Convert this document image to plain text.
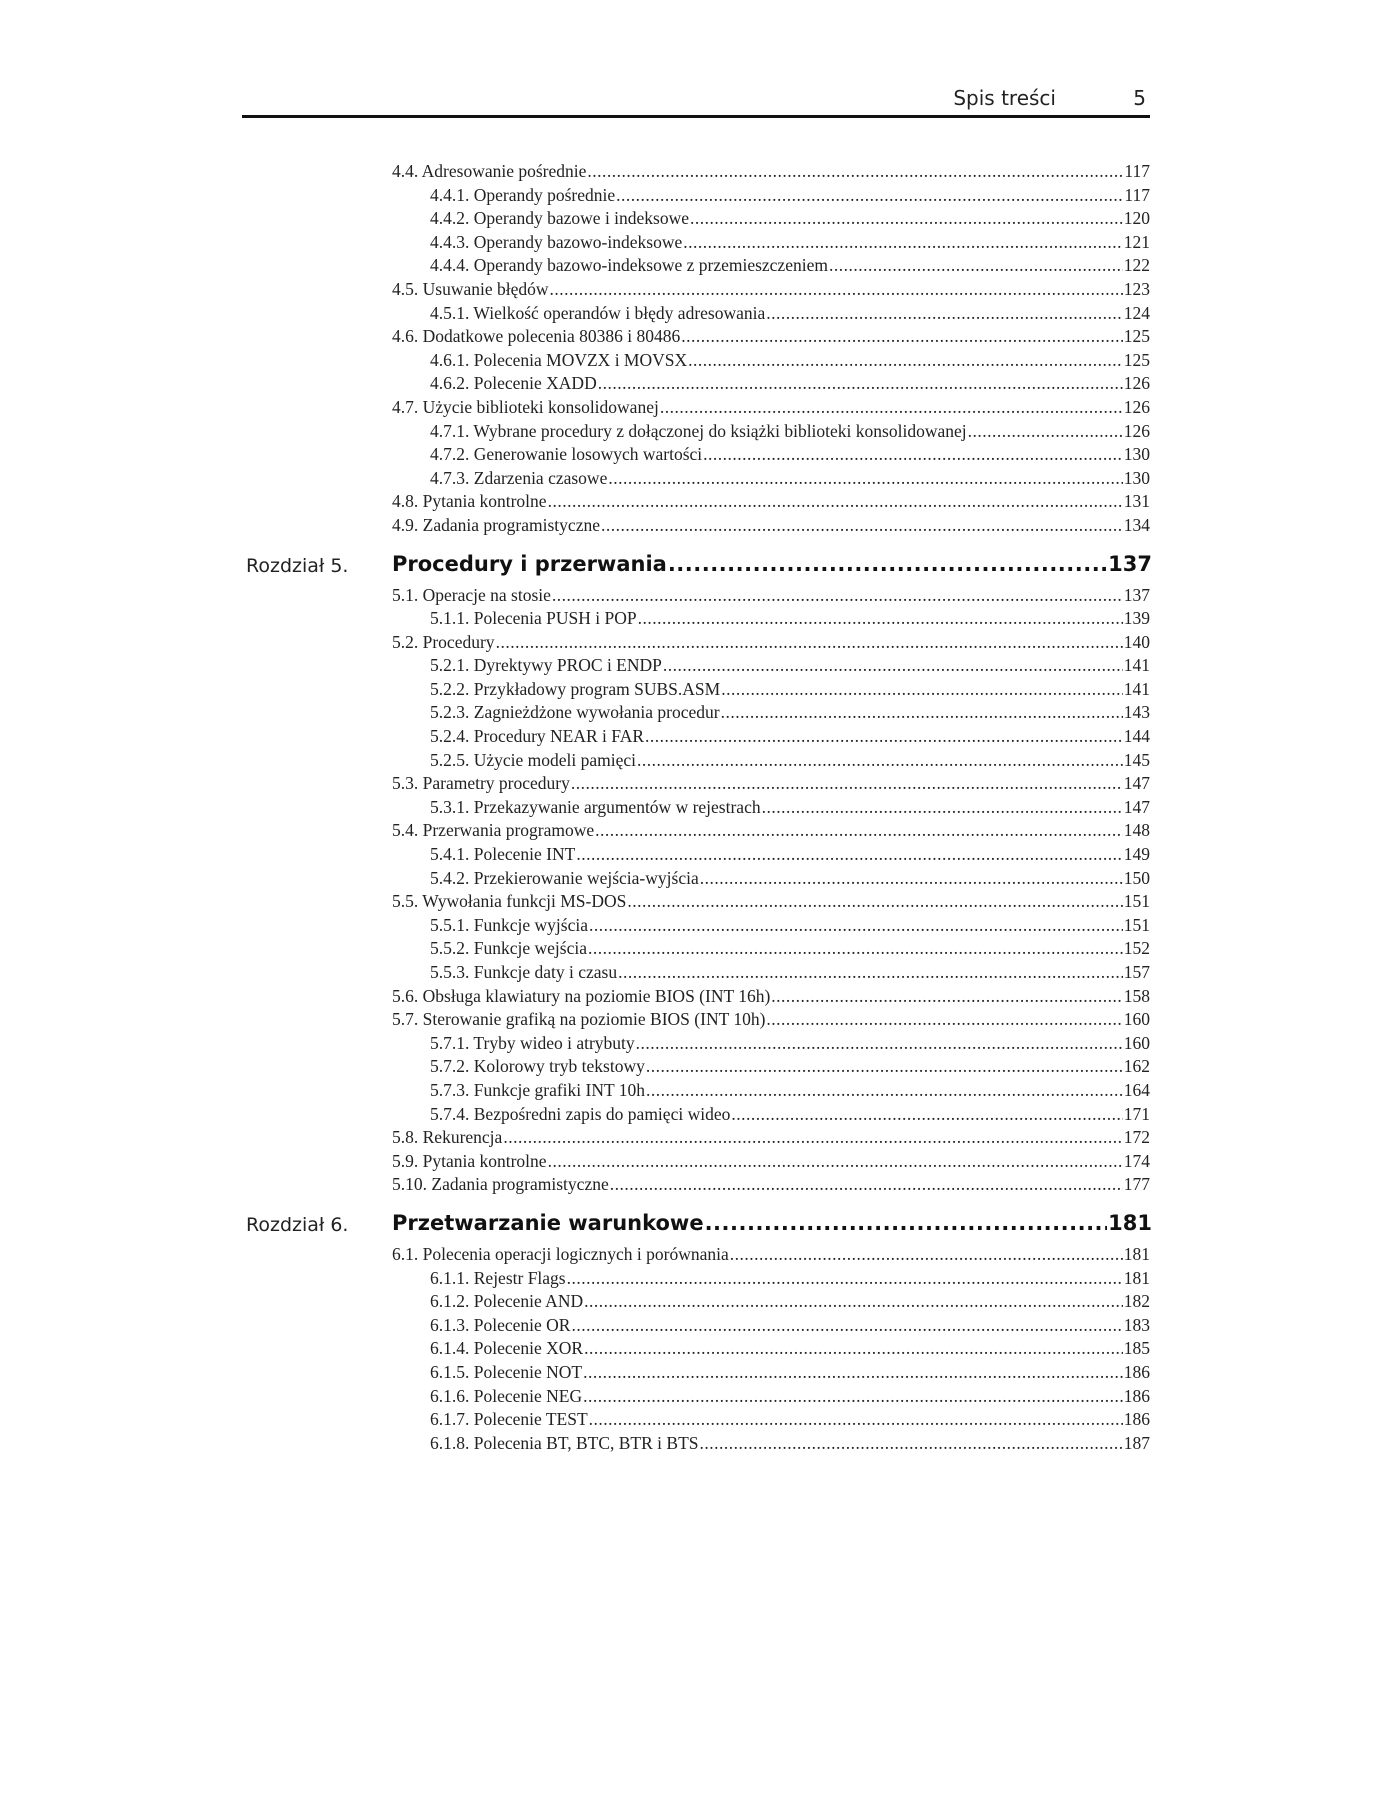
Spis treści	5
4.4. Adresowanie pośrednie .....	117
4.4.1. Operandy pośrednie .....	117
4.4.2. Operandy bazowe i indeksowe .....	120
4.4.3. Operandy bazowo-indeksowe .....	121
4.4.4. Operandy bazowo-indeksowe z przemieszczeniem .....	122
4.5. Usuwanie błędów .....	123
4.5.1. Wielkość operandów i błędy adresowania .....	124
4.6. Dodatkowe polecenia 80386 i 80486 .....	125
4.6.1. Polecenia MOVZX i MOVSX .....	125
4.6.2. Polecenie XADD .....	126
4.7. Użycie biblioteki konsolidowanej .....	126
4.7.1. Wybrane procedury z dołączonej do książki biblioteki konsolidowanej .....	126
4.7.2. Generowanie losowych wartości .....	130
4.7.3. Zdarzenia czasowe .....	130
4.8. Pytania kontrolne .....	131
4.9. Zadania programistyczne .....	134
Rozdział 5. Procedury i przerwania .....	137
5.1. Operacje na stosie .....	137
5.1.1. Polecenia PUSH i POP .....	139
5.2. Procedury .....	140
5.2.1. Dyrektywy PROC i ENDP .....	141
5.2.2. Przykładowy program SUBS.ASM .....	141
5.2.3. Zagnieżdżone wywołania procedur .....	143
5.2.4. Procedury NEAR i FAR .....	144
5.2.5. Użycie modeli pamięci .....	145
5.3. Parametry procedury .....	147
5.3.1. Przekazywanie argumentów w rejestrach .....	147
5.4. Przerwania programowe .....	148
5.4.1. Polecenie INT .....	149
5.4.2. Przekierowanie wejścia-wyjścia .....	150
5.5. Wywołania funkcji MS-DOS .....	151
5.5.1. Funkcje wyjścia .....	151
5.5.2. Funkcje wejścia .....	152
5.5.3. Funkcje daty i czasu .....	157
5.6. Obsługa klawiatury na poziomie BIOS (INT 16h) .....	158
5.7. Sterowanie grafiką na poziomie BIOS (INT 10h) .....	160
5.7.1. Tryby wideo i atrybuty .....	160
5.7.2. Kolorowy tryb tekstowy .....	162
5.7.3. Funkcje grafiki INT 10h .....	164
5.7.4. Bezpośredni zapis do pamięci wideo .....	171
5.8. Rekurencja .....	172
5.9. Pytania kontrolne .....	174
5.10. Zadania programistyczne .....	177
Rozdział 6. Przetwarzanie warunkowe .....	181
6.1. Polecenia operacji logicznych i porównania .....	181
6.1.1. Rejestr Flags .....	181
6.1.2. Polecenie AND .....	182
6.1.3. Polecenie OR .....	183
6.1.4. Polecenie XOR .....	185
6.1.5. Polecenie NOT .....	186
6.1.6. Polecenie NEG .....	186
6.1.7. Polecenie TEST .....	186
6.1.8. Polecenia BT, BTC, BTR i BTS .....	187
